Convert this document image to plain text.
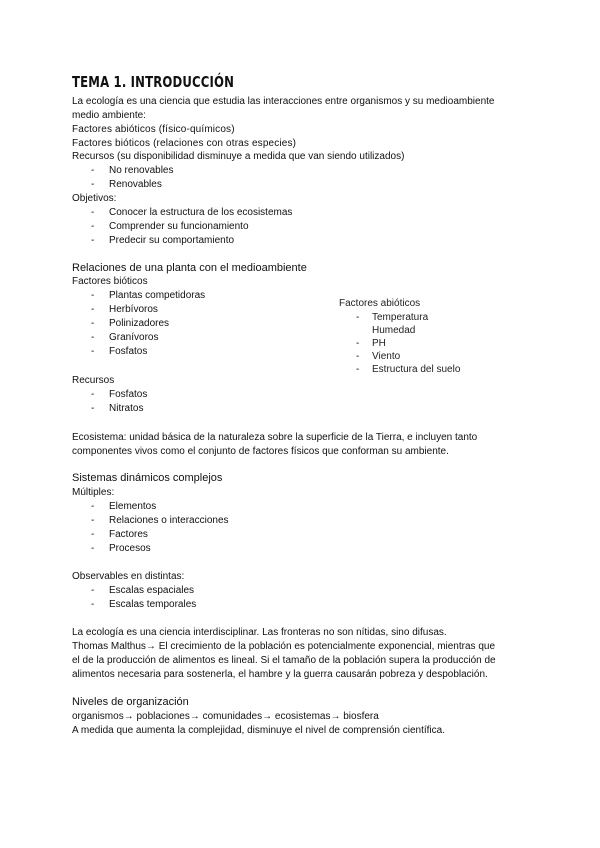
TEMA 1. INTRODUCCIÓN
La ecología es una ciencia que estudia las interacciones entre organismos y su medioambiente
medio ambiente:
Factores abióticos (físico-químicos)
Factores bióticos (relaciones con otras especies)
Recursos (su disponibilidad disminuye a medida que van siendo utilizados)
- No renovables
- Renovables
Objetivos:
- Conocer la estructura de los ecosistemas
- Comprender su funcionamiento
- Predecir su comportamiento
Relaciones de una planta con el medioambiente
Factores bióticos
- Plantas competidoras
- Herbívoros
- Polinizadores
- Granívoros
- Fosfatos
Factores abióticos
- Temperatura
Humedad
- PH
- Viento
- Estructura del suelo
Recursos
- Fosfatos
- Nitratos
Ecosistema: unidad básica de la naturaleza sobre la superficie de la Tierra, e incluyen tanto
componentes vivos como el conjunto de factores físicos que conforman su ambiente.
Sistemas dinámicos complejos
Múltiples:
- Elementos
- Relaciones o interacciones
- Factores
- Procesos
Observables en distintas:
- Escalas espaciales
- Escalas temporales
La ecología es una ciencia interdisciplinar. Las fronteras no son nítidas, sino difusas.
Thomas Malthus→ El crecimiento de la población es potencialmente exponencial, mientras que
el de la producción de alimentos es lineal. Si el tamaño de la población supera la producción de
alimentos necesaria para sostenerla, el hambre y la guerra causarán pobreza y despoblación.
Niveles de organización
organismos→ poblaciones→ comunidades→ ecosistemas→ biosfera
A medida que aumenta la complejidad, disminuye el nivel de comprensión científica.
